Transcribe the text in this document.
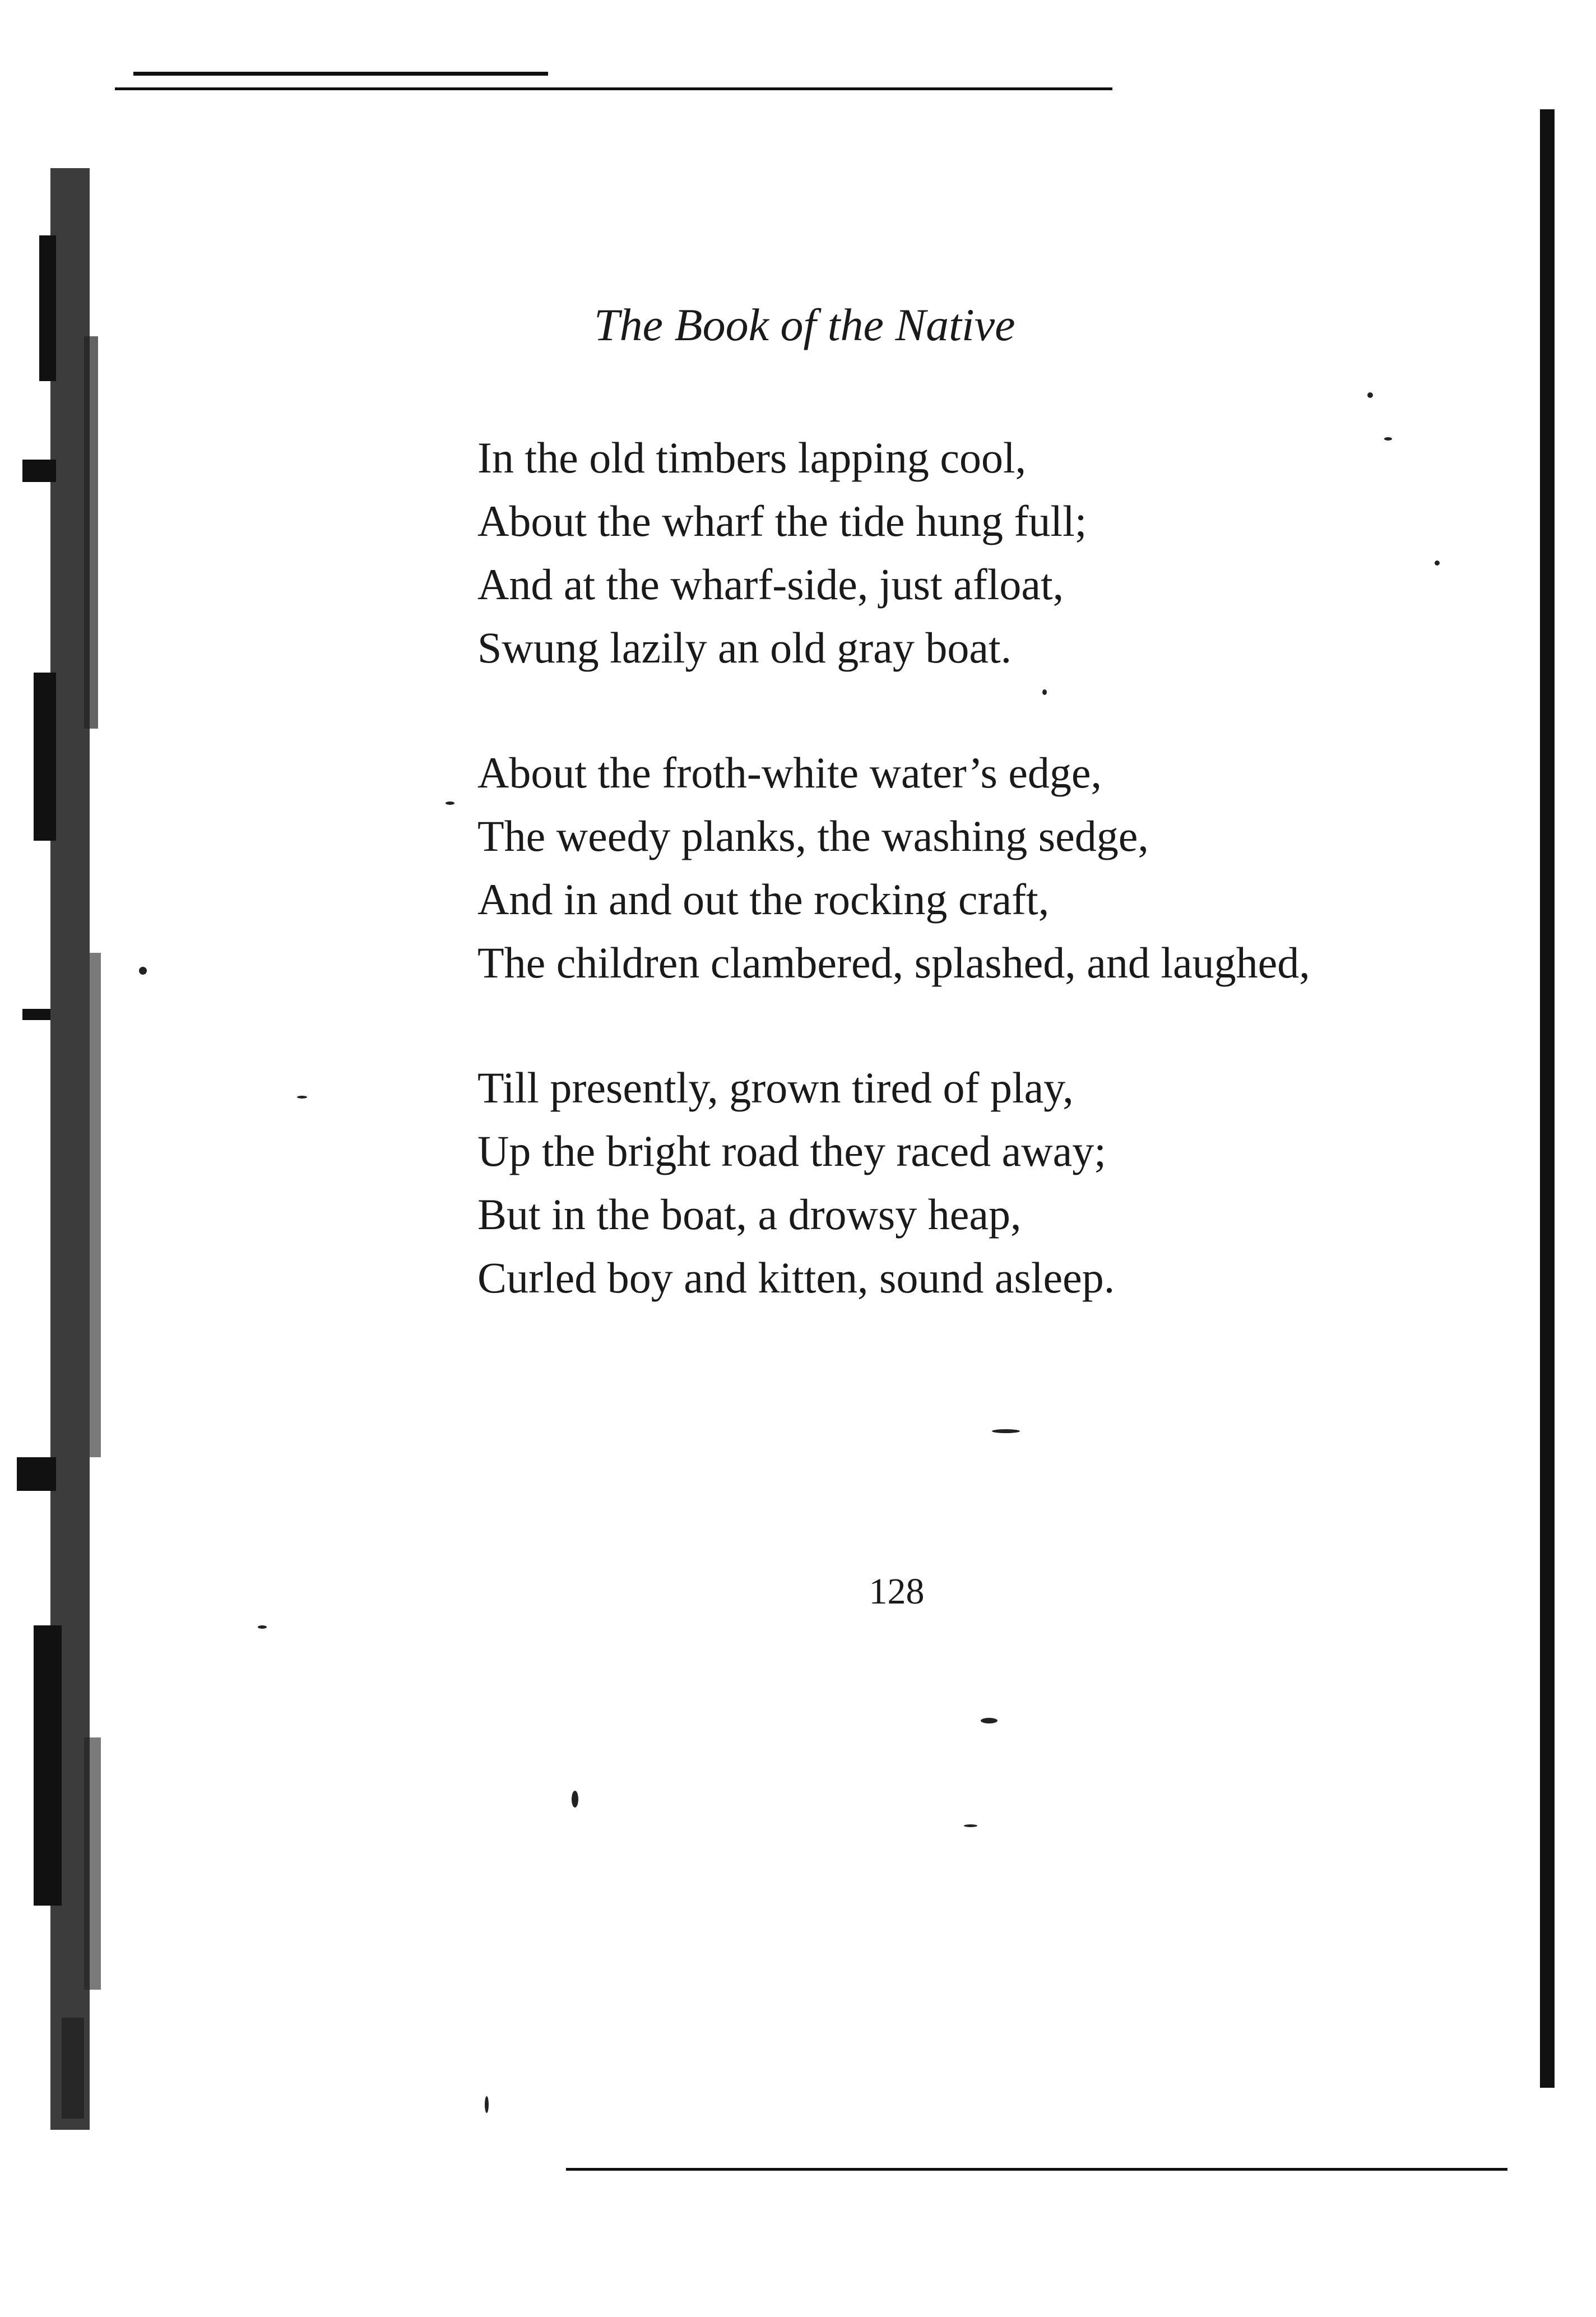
The Book of the Native
In the old timbers lapping cool,
About the wharf the tide hung full;
And at the wharf-side, just afloat,
Swung lazily an old gray boat.
About the froth-white water’s edge,
The weedy planks, the washing sedge,
And in and out the rocking craft,
The children clambered, splashed, and laughed,
Till presently, grown tired of play,
Up the bright road they raced away;
But in the boat, a drowsy heap,
Curled boy and kitten, sound asleep.
128
